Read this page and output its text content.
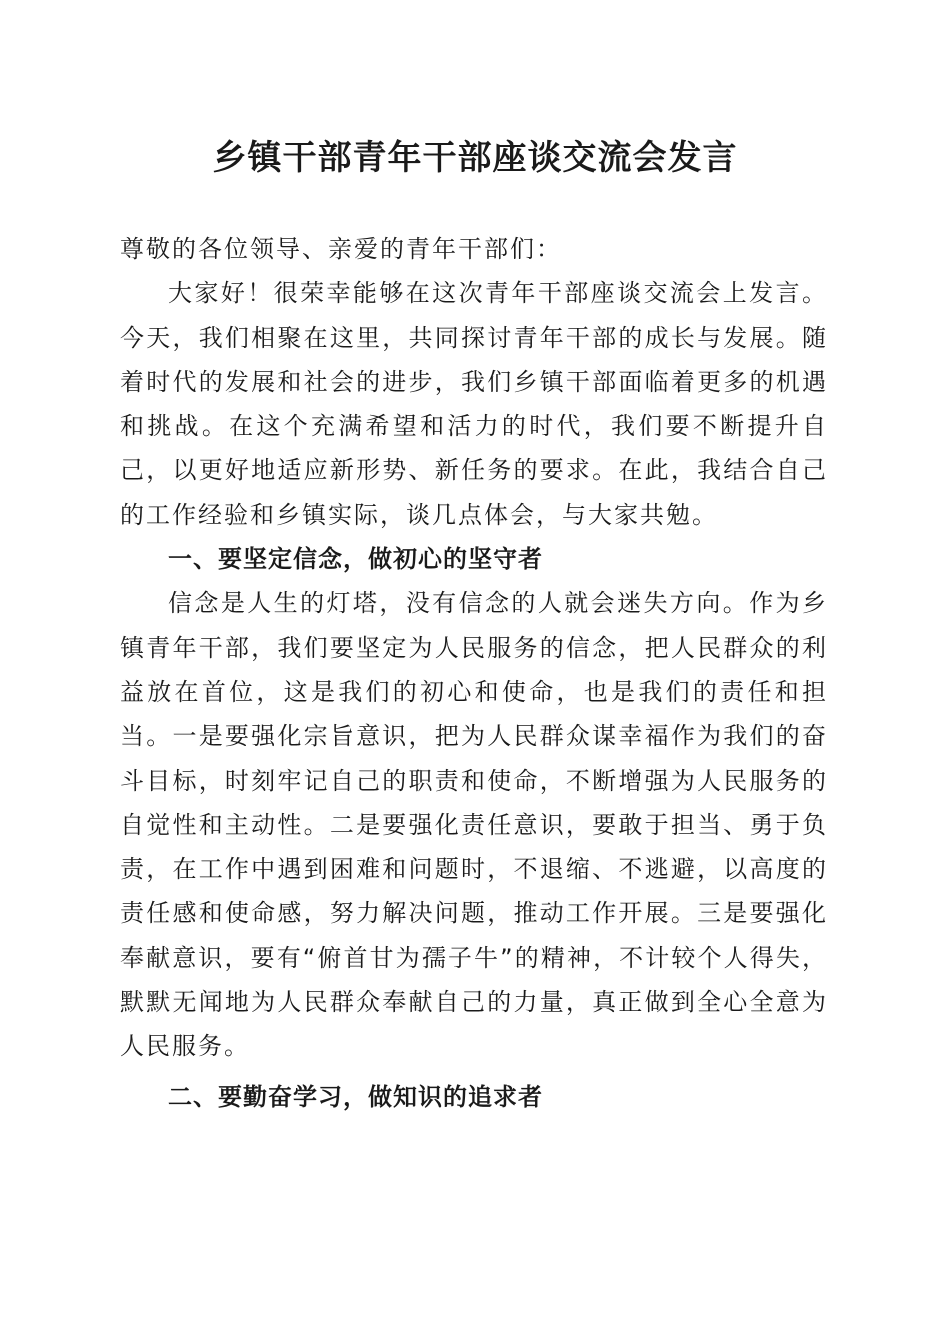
乡镇干部青年干部座谈交流会发言

尊敬的各位领导、亲爱的青年干部们：

大家好！很荣幸能够在这次青年干部座谈交流会上发言。今天，我们相聚在这里，共同探讨青年干部的成长与发展。随着时代的发展和社会的进步，我们乡镇干部面临着更多的机遇和挑战。在这个充满希望和活力的时代，我们要不断提升自己，以更好地适应新形势、新任务的要求。在此，我结合自己的工作经验和乡镇实际，谈几点体会，与大家共勉。

一、要坚定信念，做初心的坚守者

信念是人生的灯塔，没有信念的人就会迷失方向。作为乡镇青年干部，我们要坚定为人民服务的信念，把人民群众的利益放在首位，这是我们的初心和使命，也是我们的责任和担当。一是要强化宗旨意识，把为人民群众谋幸福作为我们的奋斗目标，时刻牢记自己的职责和使命，不断增强为人民服务的自觉性和主动性。二是要强化责任意识，要敢于担当、勇于负责，在工作中遇到困难和问题时，不退缩、不逃避，以高度的责任感和使命感，努力解决问题，推动工作开展。三是要强化奉献意识，要有“俯首甘为孺子牛”的精神，不计较个人得失，默默无闻地为人民群众奉献自己的力量，真正做到全心全意为人民服务。

二、要勤奋学习，做知识的追求者
